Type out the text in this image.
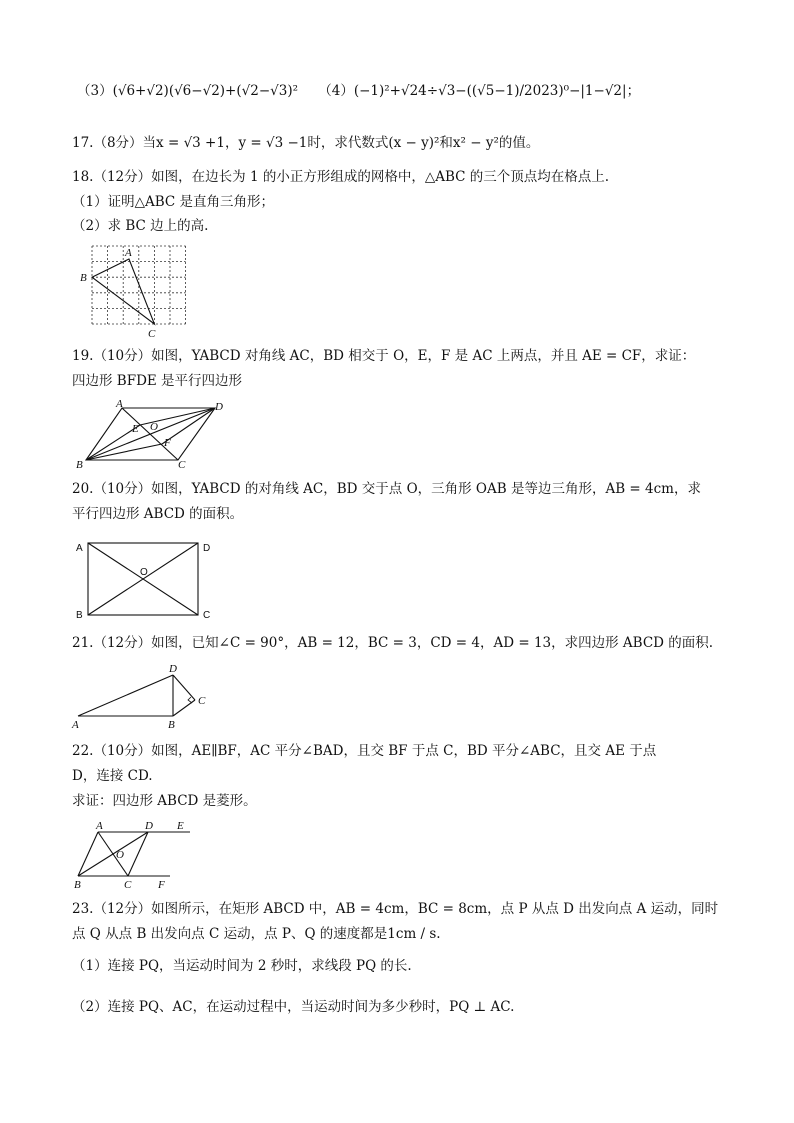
（3）(√6+√2)(√6−√2)+(√2−√3)²　　（4）(−1)²+√24÷√3−((√5−1)/2023)⁰−|1−√2|；
17.（8分）当x = √3 +1，y = √3 −1时，求代数式(x − y)²和x² − y²的值。
18.（12分）如图，在边长为 1 的小正方形组成的网格中，△ABC 的三个顶点均在格点上.
（1）证明△ABC 是直角三角形；
（2）求 BC 边上的高.
19.（10分）如图，YABCD 对角线 AC，BD 相交于 O，E，F 是 AC 上两点，并且 AE = CF，求证：
四边形 BFDE 是平行四边形
20.（10分）如图，YABCD 的对角线 AC，BD 交于点 O，三角形 OAB 是等边三角形，AB = 4cm，求
平行四边形 ABCD 的面积。
21.（12分）如图，已知∠C = 90°，AB = 12，BC = 3，CD = 4，AD = 13，求四边形 ABCD 的面积.
22.（10分）如图，AE∥BF，AC 平分∠BAD，且交 BF 于点 C，BD 平分∠ABC，且交 AE 于点
D，连接 CD.
求证：四边形 ABCD 是菱形。
23.（12分）如图所示，在矩形 ABCD 中，AB = 4cm，BC = 8cm，点 P 从点 D 出发向点 A 运动，同时
点 Q 从点 B 出发向点 C 运动，点 P、Q 的速度都是1cm / s.
（1）连接 PQ，当运动时间为 2 秒时，求线段 PQ 的长.
（2）连接 PQ、AC，在运动过程中，当运动时间为多少秒时，PQ ⊥ AC.
A
B
C
A	D
B	C
E O
F
A	D
B	C
O
D
C
A	B
A	D E
O
B	C F
